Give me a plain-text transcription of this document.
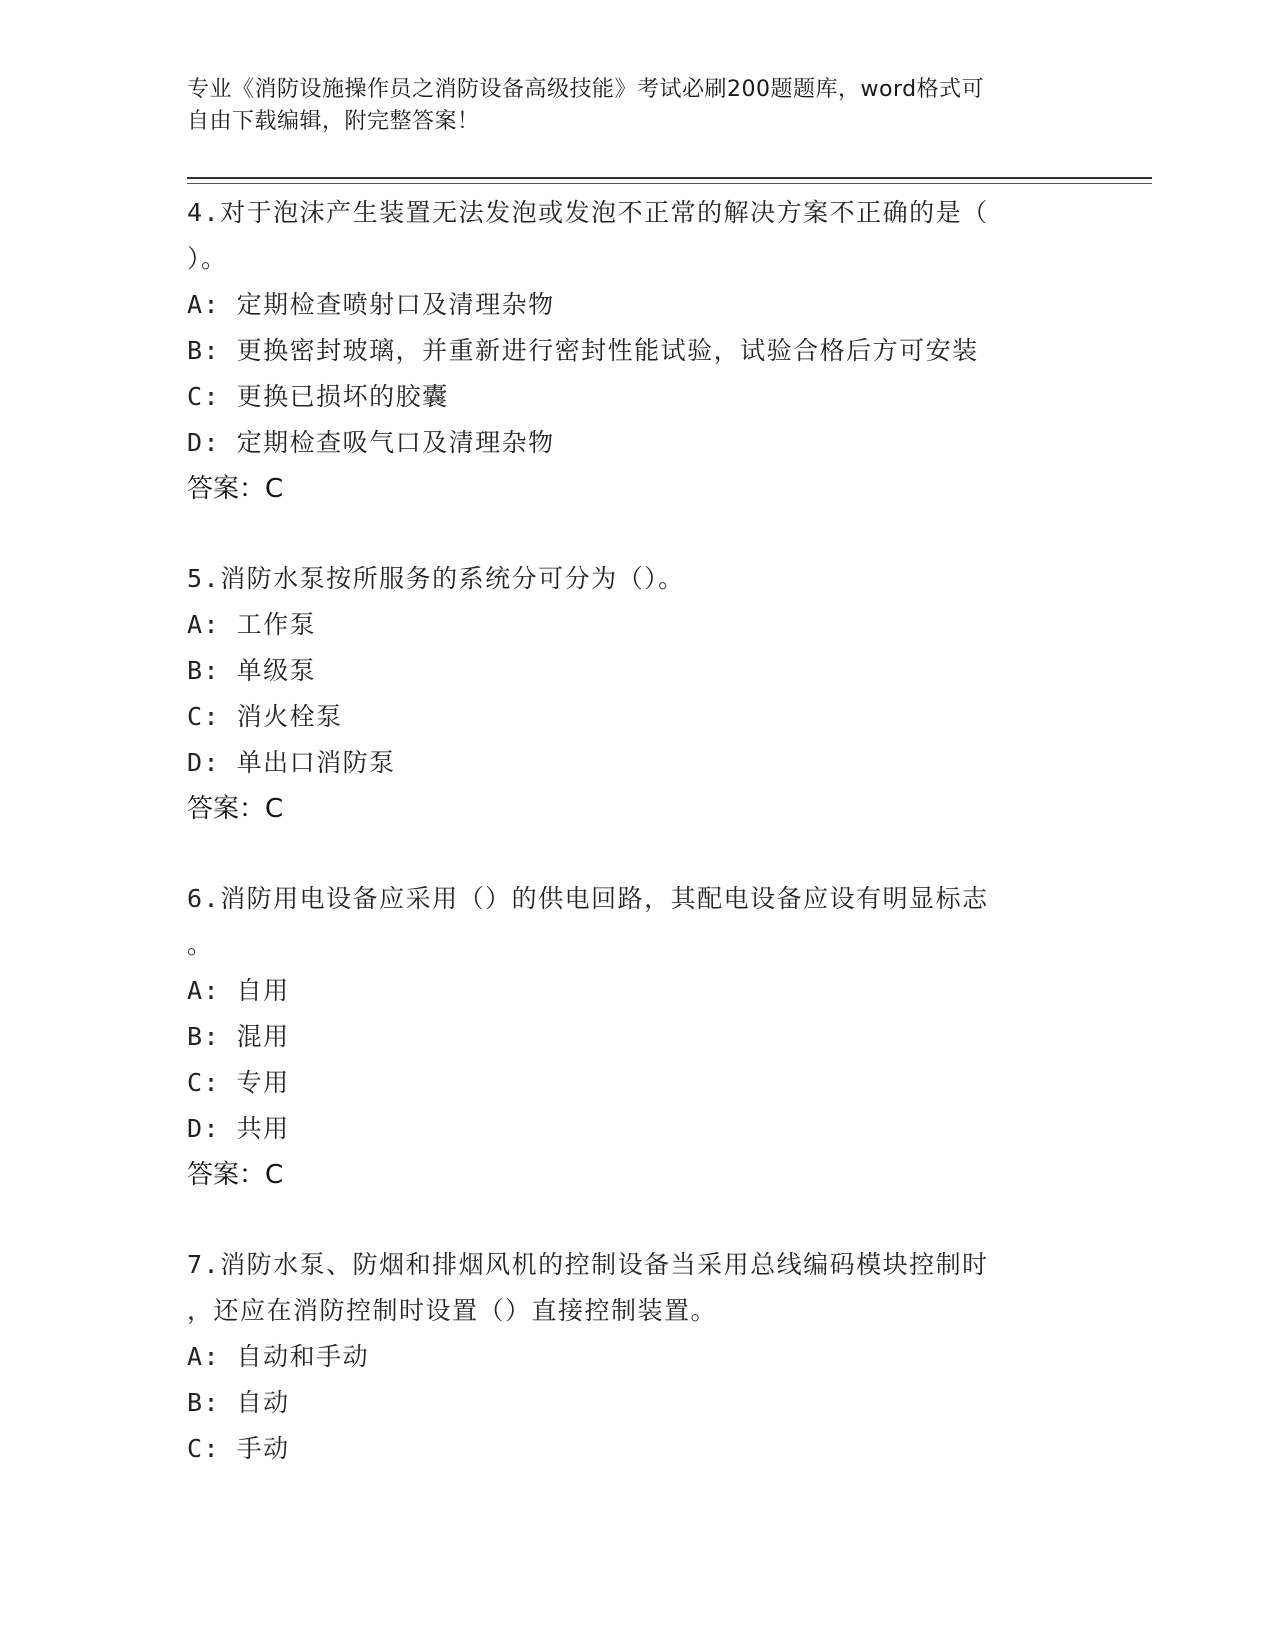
专业《消防设施操作员之消防设备高级技能》考试必刷200题题库，word格式可
自由下载编辑，附完整答案！

4.对于泡沫产生装置无法发泡或发泡不正常的解决方案不正确的是（

）。

A: 定期检查喷射口及清理杂物

B: 更换密封玻璃，并重新进行密封性能试验，试验合格后方可安装

C: 更换已损坏的胶囊

D: 定期检查吸气口及清理杂物

答案：C

5.消防水泵按所服务的系统分可分为（）。

A: 工作泵

B: 单级泵

C: 消火栓泵

D: 单出口消防泵

答案：C

6.消防用电设备应采用（）的供电回路，其配电设备应设有明显标志

。

A: 自用

B: 混用

C: 专用

D: 共用

答案：C

7.消防水泵、防烟和排烟风机的控制设备当采用总线编码模块控制时

，还应在消防控制时设置（）直接控制装置。

A: 自动和手动

B: 自动

C: 手动
